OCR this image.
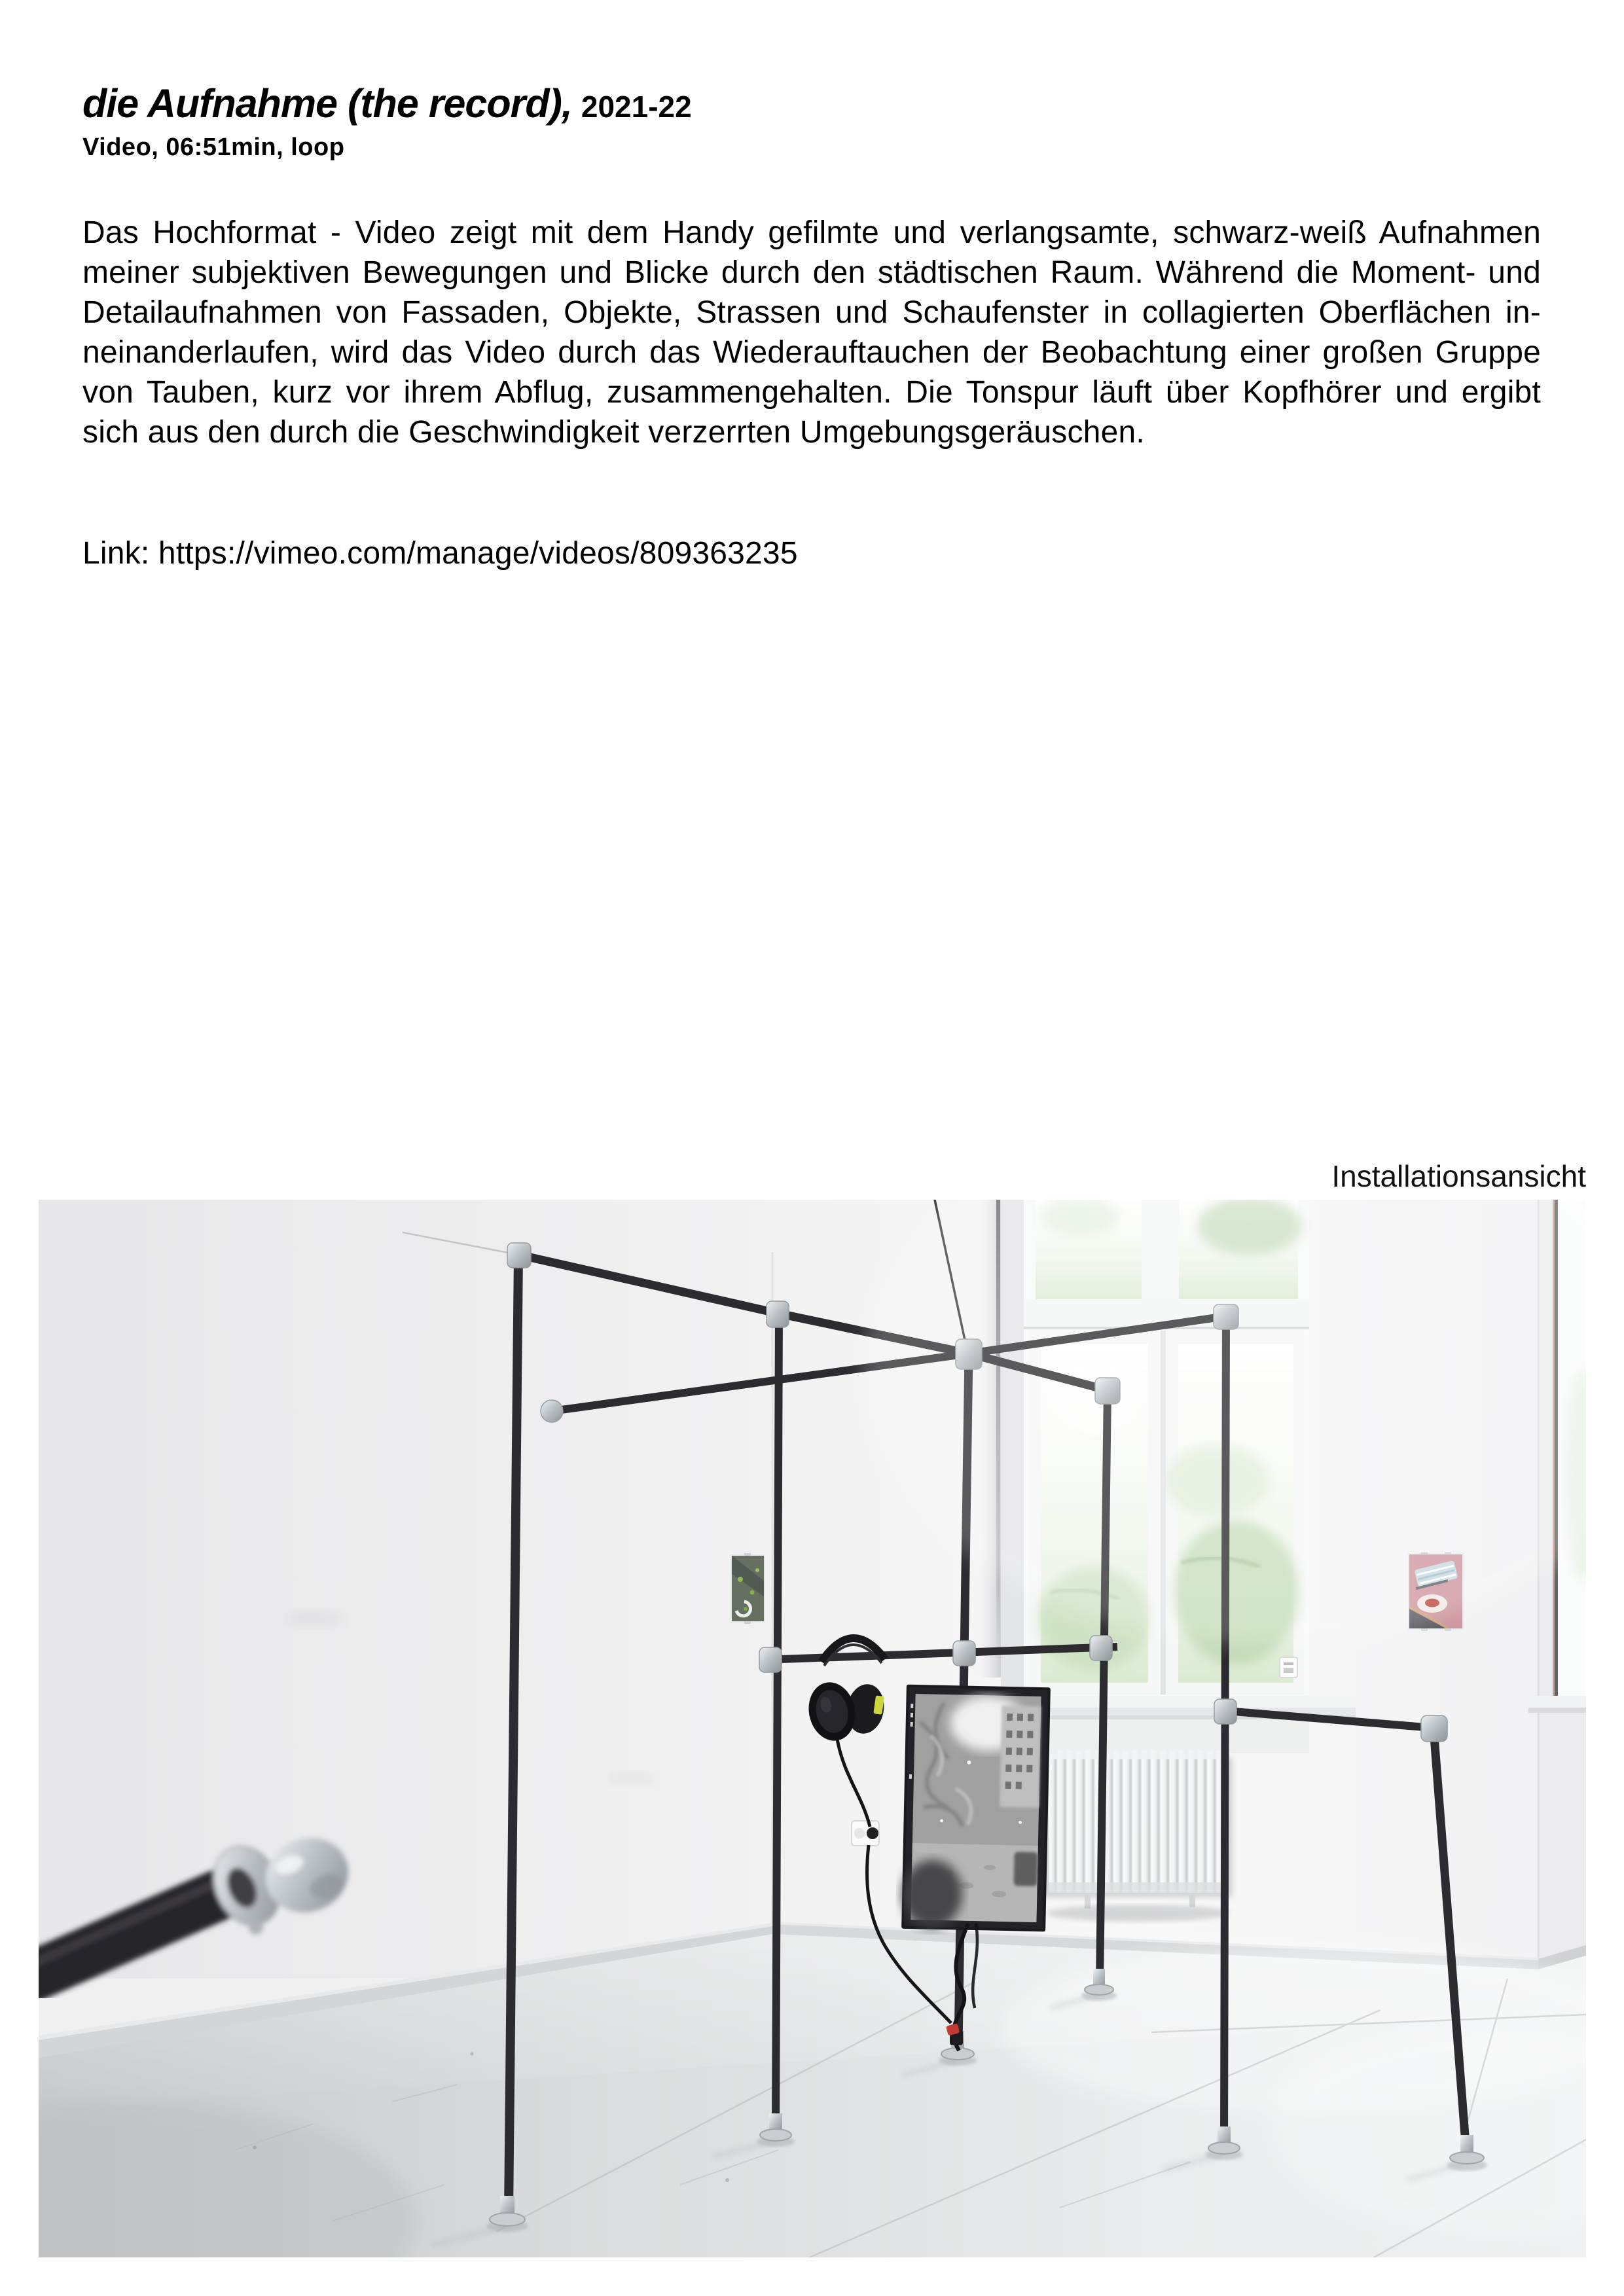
die Aufnahme (the record), 2021-22
Video, 06:51min, loop
Das Hochformat - Video zeigt mit dem Handy gefilmte und verlangsamte, schwarz-weiß Aufnahmen
meiner subjektiven Bewegungen und Blicke durch den städtischen Raum. Während die Moment- und
Detailaufnahmen von Fassaden, Objekte, Strassen und Schaufenster in collagierten Oberflächen in-
neinanderlaufen, wird das Video durch das Wiederauftauchen der Beobachtung einer großen Gruppe
von Tauben, kurz vor ihrem Abflug, zusammengehalten. Die Tonspur läuft über Kopfhörer und ergibt
sich aus den durch die Geschwindigkeit verzerrten Umgebungsgeräuschen.
Link: https://vimeo.com/manage/videos/809363235
Installationsansicht
